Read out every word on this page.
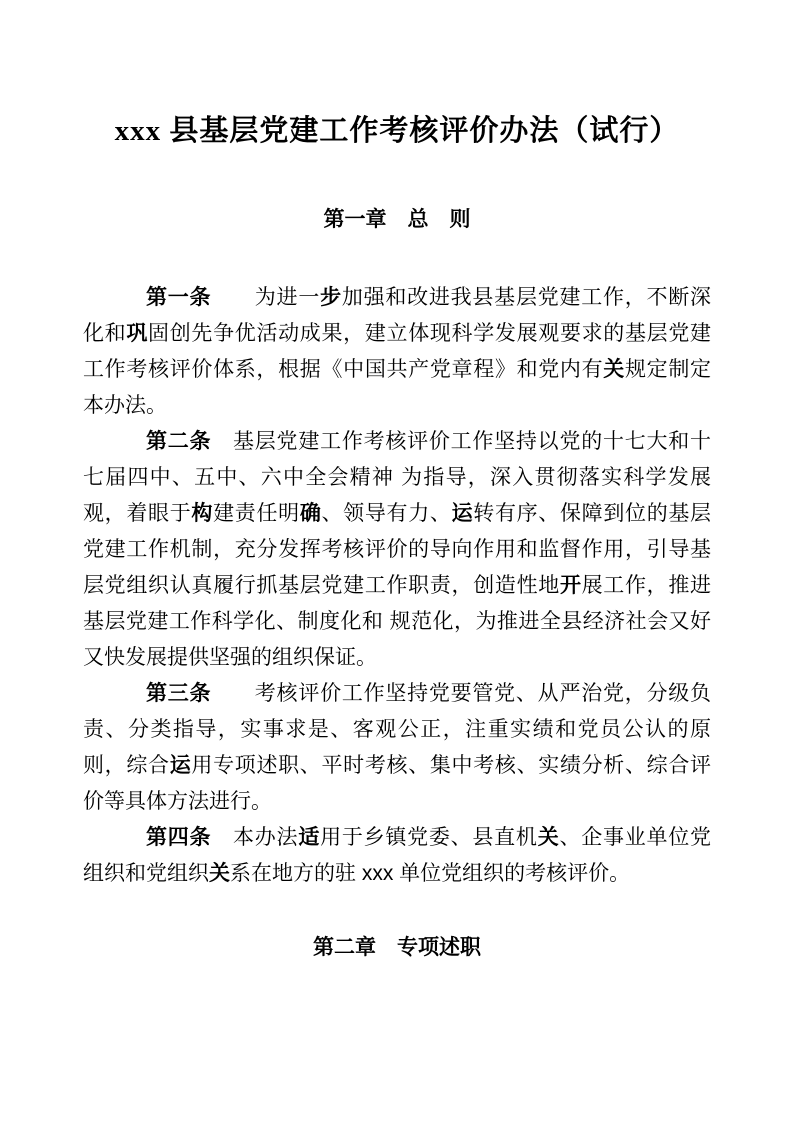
xxx 县基层党建工作考核评价办法（试行）
第一章　总　则

第一条　　为进一步加强和改进我县基层党建工作，不断深化和巩固创先争优活动成果，建立体现科学发展观要求的基层党建工作考核评价体系，根据《中国共产党章程》和党内有关规定制定本办法。

第二条　基层党建工作考核评价工作坚持以党的十七大和十七届四中、五中、六中全会精神 为指导，深入贯彻落实科学发展观，着眼于构建责任明确、领导有力、运转有序、保障到位的基层党建工作机制，充分发挥考核评价的导向作用和监督作用，引导基层党组织认真履行抓基层党建工作职责，创造性地开展工作，推进基层党建工作科学化、制度化和 规范化，为推进全县经济社会又好又快发展提供坚强的组织保证。

第三条　　考核评价工作坚持党要管党、从严治党，分级负责、分类指导，实事求是、客观公正，注重实绩和党员公认的原则，综合运用专项述职、平时考核、集中考核、实绩分析、综合评价等具体方法进行。

第四条　本办法适用于乡镇党委、县直机关、企事业单位党组织和党组织关系在地方的驻 xxx 单位党组织的考核评价。

第二章　专项述职
